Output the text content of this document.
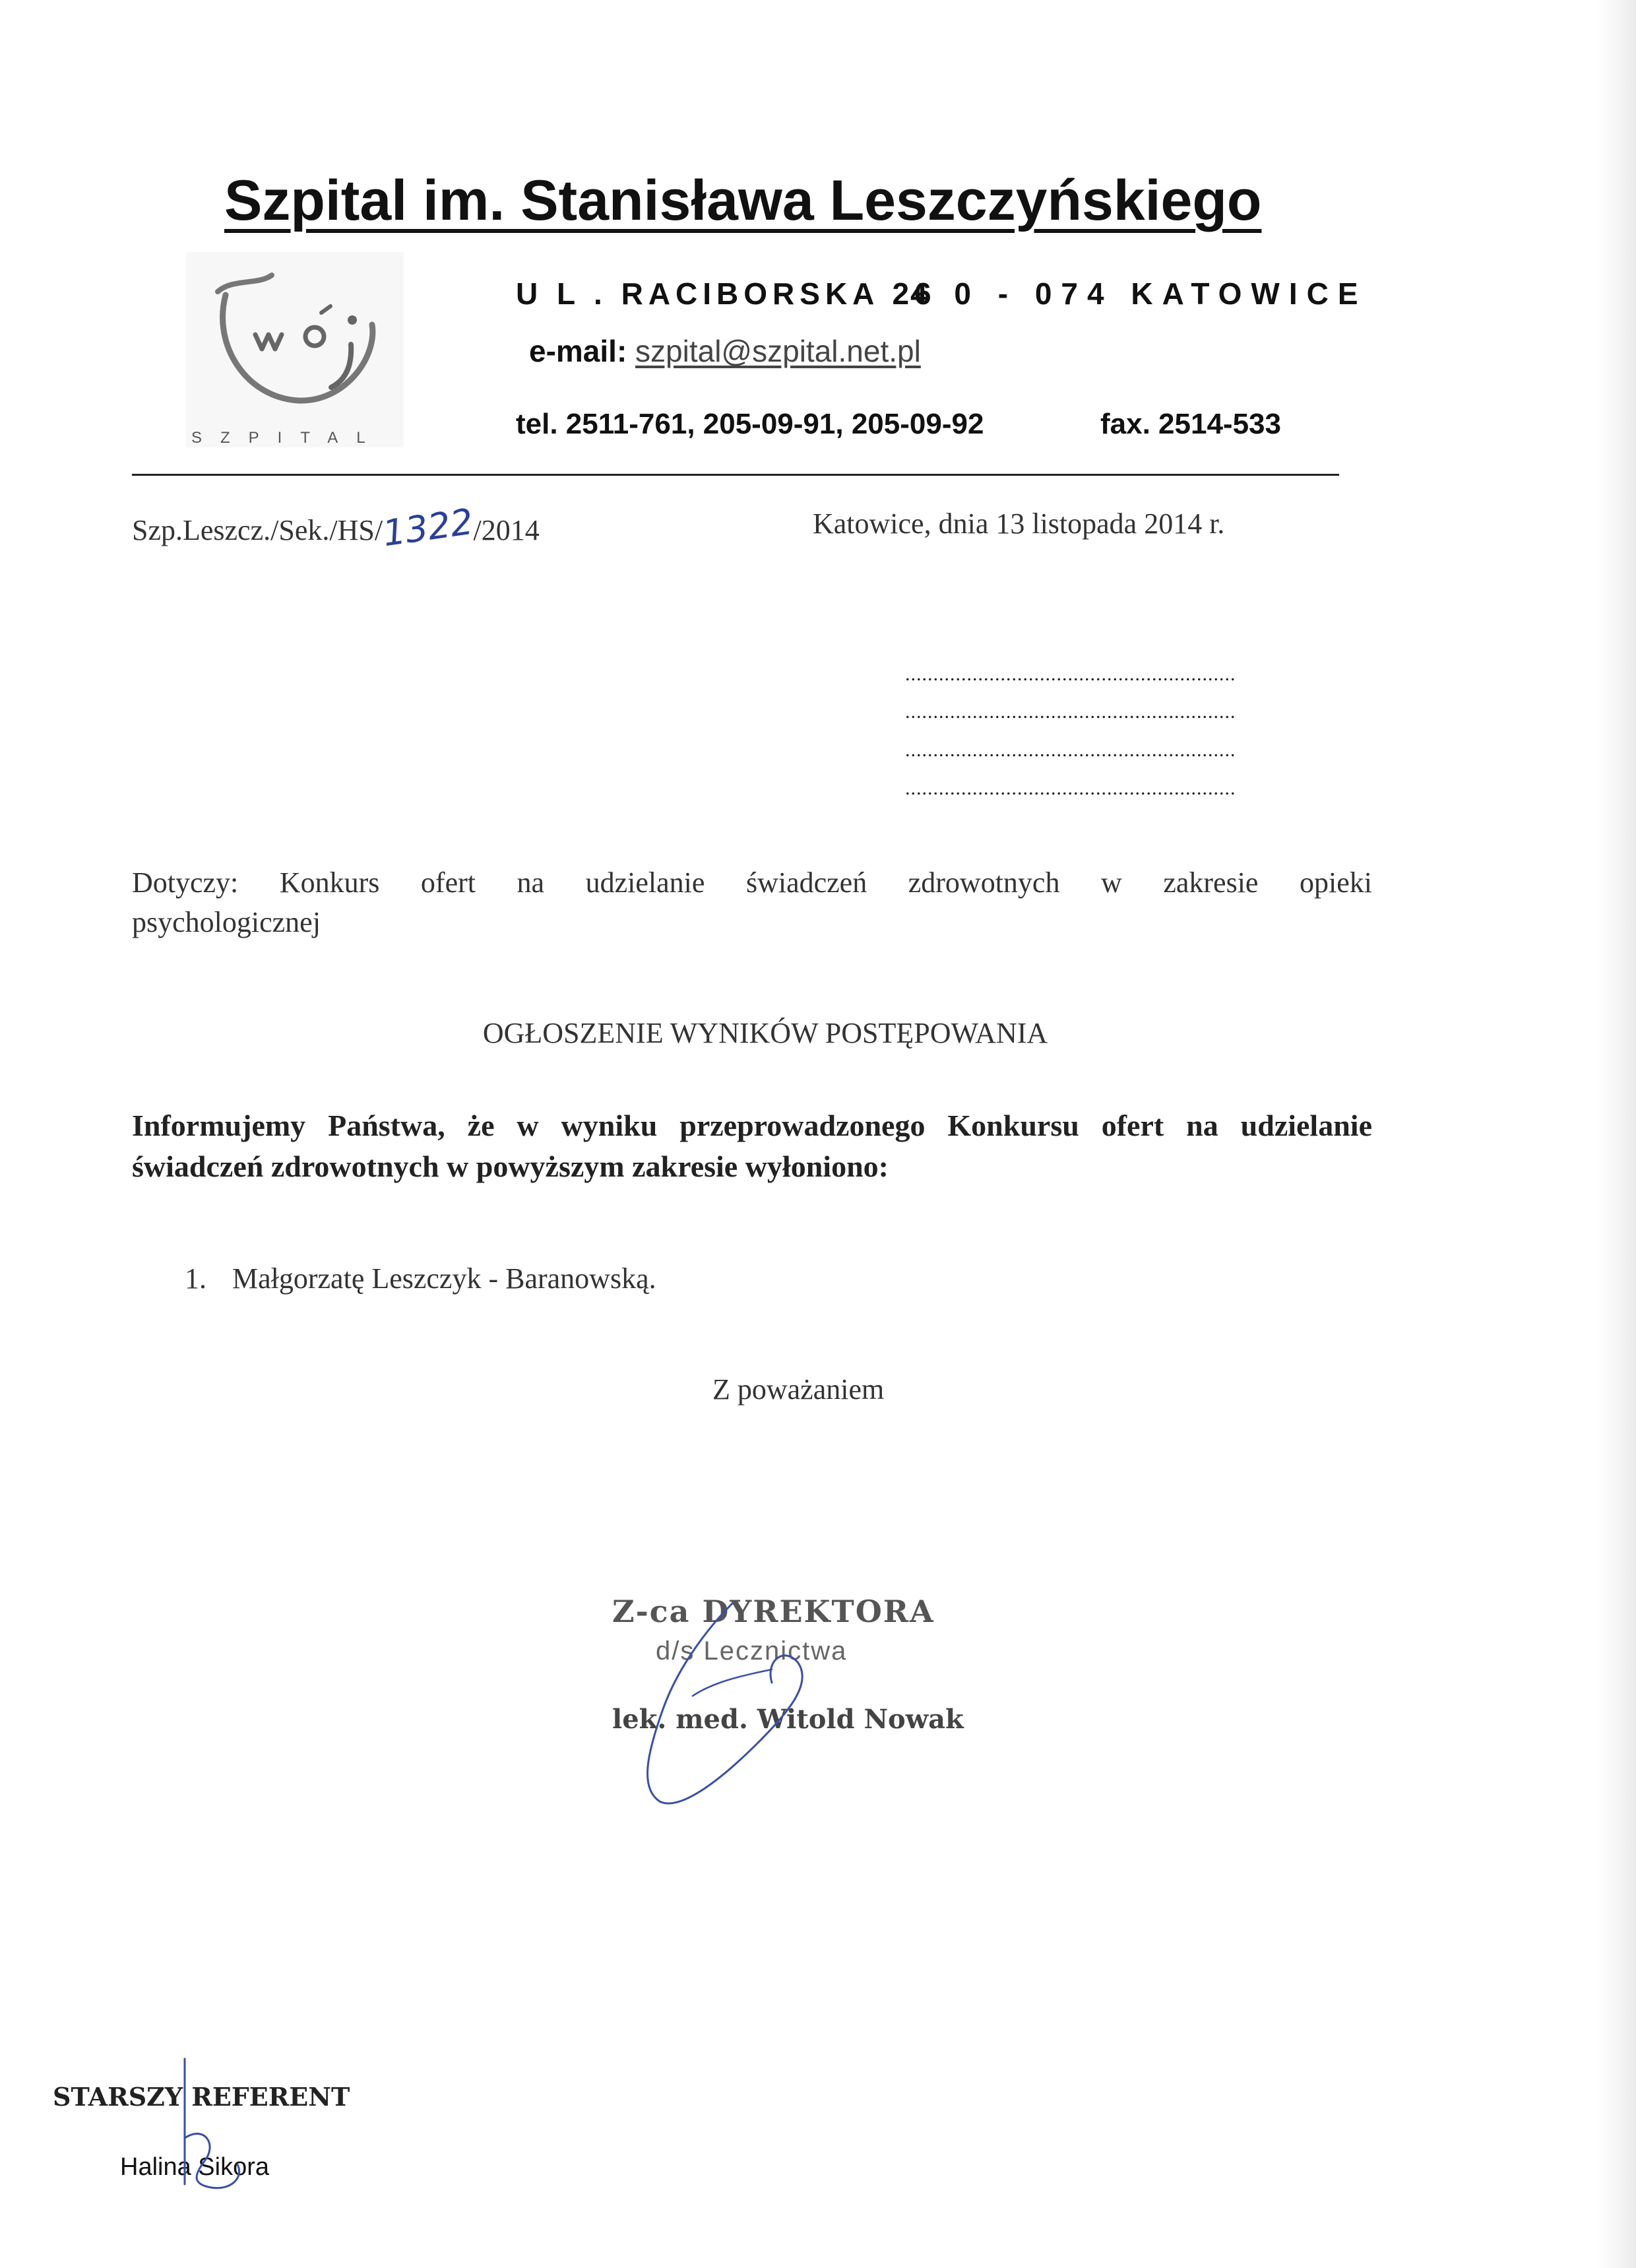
Szpital im. Stanisława Leszczyńskiego
SZPITAL
U L . RACIBORSKA 26
4 0 - 074 KATOWICE
e-mail: szpital@szpital.net.pl
tel. 2511-761, 205-09-91, 205-09-92	fax. 2514-533
Szp.Leszcz./Sek./HS/1322/2014	Katowice, dnia 13 listopada 2014 r.
...........................................................
...........................................................
...........................................................
...........................................................
Dotyczy: Konkurs ofert na udzielanie świadczeń zdrowotnych w zakresie opieki
psychologicznej
OGŁOSZENIE WYNIKÓW POSTĘPOWANIA
Informujemy Państwa, że w wyniku przeprowadzonego Konkursu ofert na udzielanie
świadczeń zdrowotnych w powyższym zakresie wyłoniono:
1. Małgorzatę Leszczyk - Baranowską.
Z poważaniem
Z-ca DYREKTORA
d/s Lecznictwa
lek. med. Witold Nowak
STARSZY REFERENT
Halina Sikora
